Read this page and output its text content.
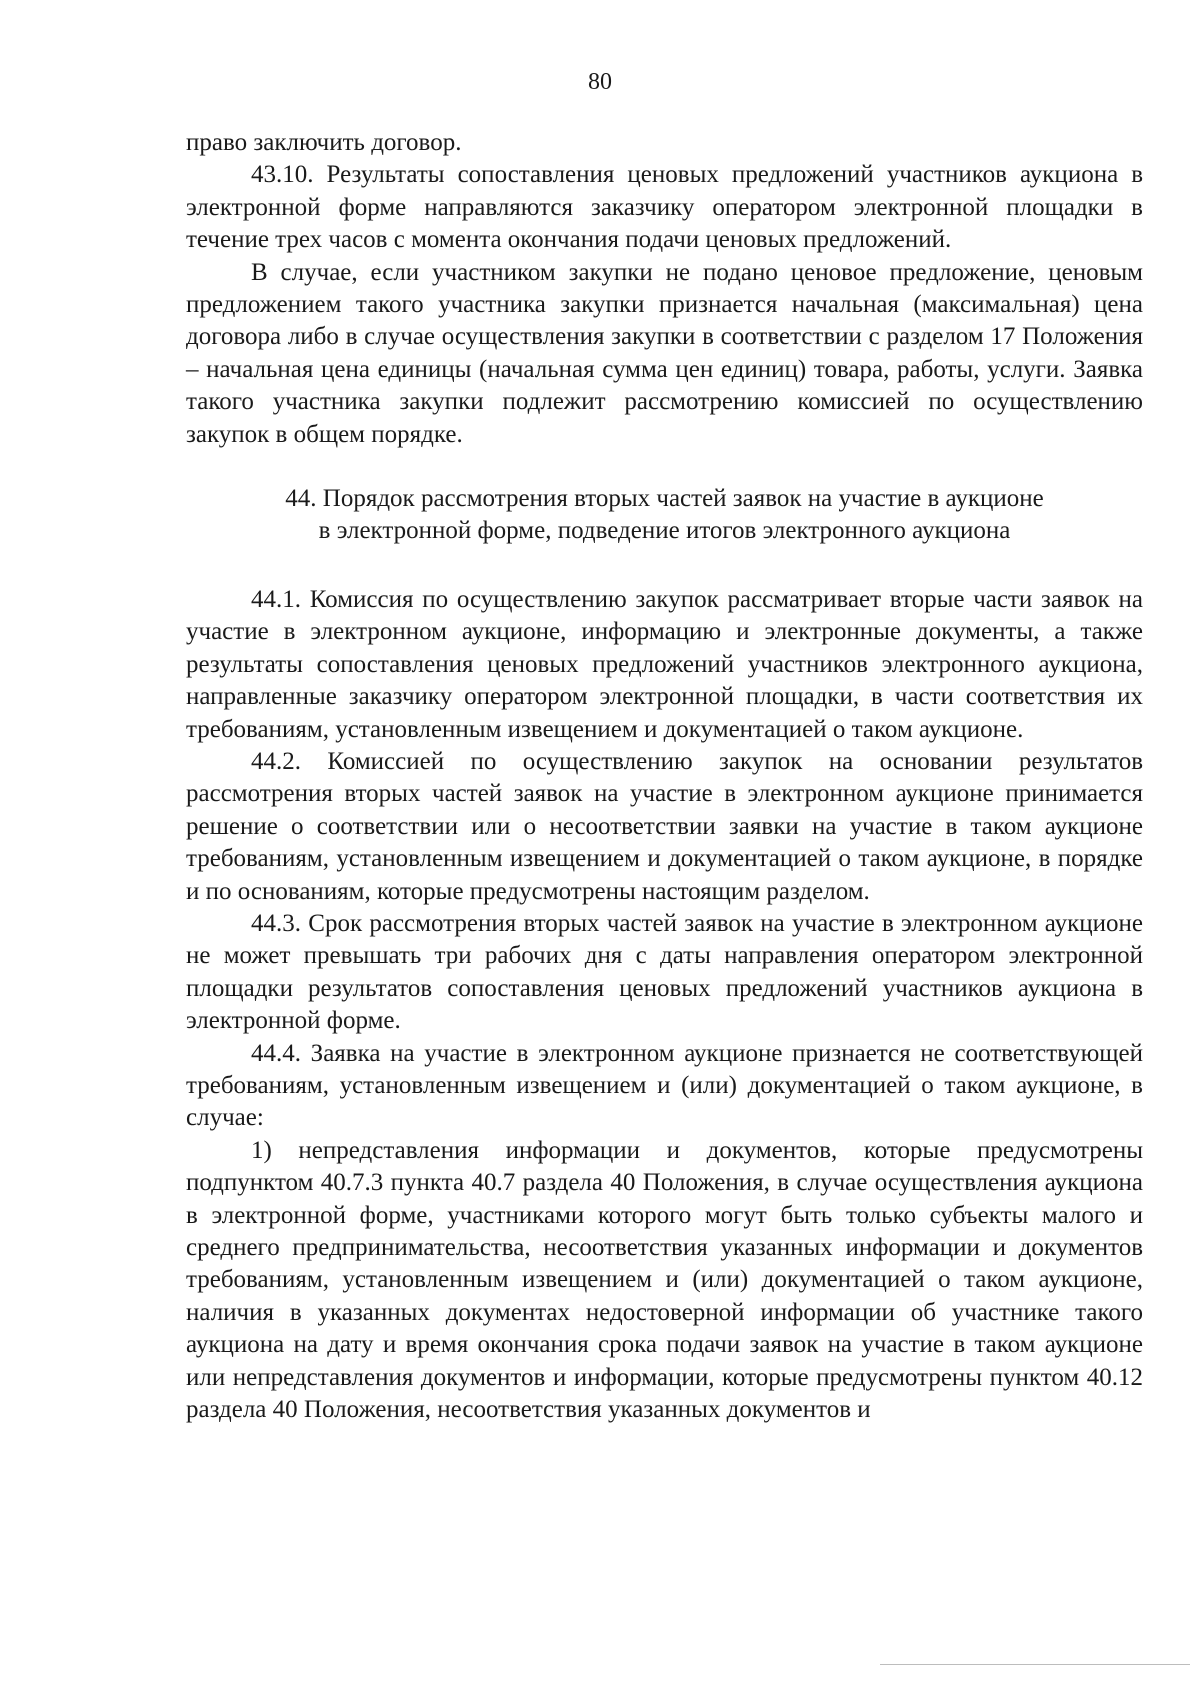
80

право заключить договор.

43.10. Результаты сопоставления ценовых предложений участников аукциона в электронной форме направляются заказчику оператором электронной площадки в течение трех часов с момента окончания подачи ценовых предложений.

В случае, если участником закупки не подано ценовое предложение, ценовым предложением такого участника закупки признается начальная (максимальная) цена договора либо в случае осуществления закупки в соответствии с разделом 17 Положения – начальная цена единицы (начальная сумма цен единиц) товара, работы, услуги. Заявка такого участника закупки подлежит рассмотрению комиссией по осуществлению закупок в общем порядке.

44. Порядок рассмотрения вторых частей заявок на участие в аукционе
в электронной форме, подведение итогов электронного аукциона

44.1. Комиссия по осуществлению закупок рассматривает вторые части заявок на участие в электронном аукционе, информацию и электронные документы, а также результаты сопоставления ценовых предложений участников электронного аукциона, направленные заказчику оператором электронной площадки, в части соответствия их требованиям, установленным извещением и документацией о таком аукционе.

44.2. Комиссией по осуществлению закупок на основании результатов рассмотрения вторых частей заявок на участие в электронном аукционе принимается решение о соответствии или о несоответствии заявки на участие в таком аукционе требованиям, установленным извещением и документацией о таком аукционе, в порядке и по основаниям, которые предусмотрены настоящим разделом.

44.3. Срок рассмотрения вторых частей заявок на участие в электронном аукционе не может превышать три рабочих дня с даты направления оператором электронной площадки результатов сопоставления ценовых предложений участников аукциона в электронной форме.

44.4. Заявка на участие в электронном аукционе признается не соответствующей требованиям, установленным извещением и (или) документацией о таком аукционе, в случае:

1) непредставления информации и документов, которые предусмотрены подпунктом 40.7.3 пункта 40.7 раздела 40 Положения, в случае осуществления аукциона в электронной форме, участниками которого могут быть только субъекты малого и среднего предпринимательства, несоответствия указанных информации и документов требованиям, установленным извещением и (или) документацией о таком аукционе, наличия в указанных документах недостоверной информации об участнике такого аукциона на дату и время окончания срока подачи заявок на участие в таком аукционе или непредставления документов и информации, которые предусмотрены пунктом 40.12 раздела 40 Положения, несоответствия указанных документов и
